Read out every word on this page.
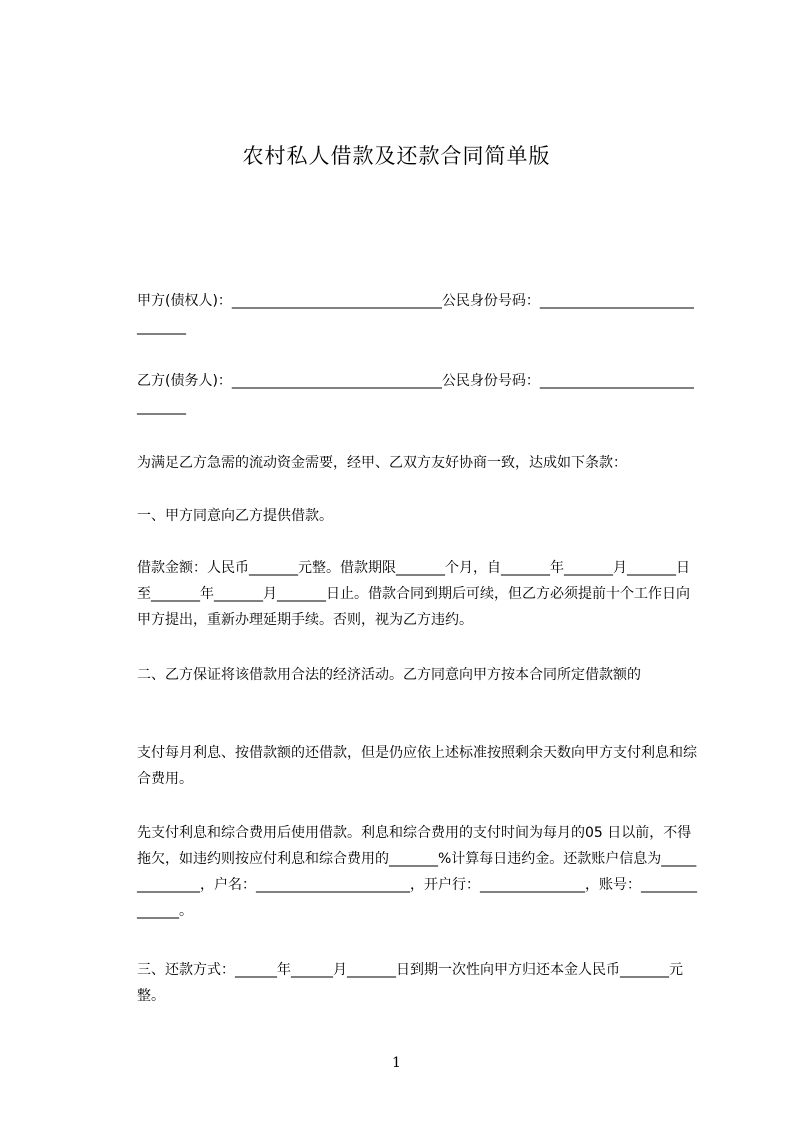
农村私人借款及还款合同简单版

甲方(债权人)：______________________________公民身份号码：_____________________________

乙方(债务人)：______________________________公民身份号码：_____________________________

为满足乙方急需的流动资金需要，经甲、乙双方友好协商一致，达成如下条款：

一、甲方同意向乙方提供借款。

借款金额：人民币_______元整。借款期限_______个月，自_______年_______月_______日至_______年_______月_______日止。借款合同到期后可续，但乙方必须提前十个工作日向甲方提出，重新办理延期手续。否则，视为乙方违约。

二、乙方保证将该借款用合法的经济活动。乙方同意向甲方按本合同所定借款额的

支付每月利息、按借款额的还借款，但是仍应依上述标准按照剩余天数向甲方支付利息和综合费用。

先支付利息和综合费用后使用借款。利息和综合费用的支付时间为每月的05 日以前，不得拖欠，如违约则按应付利息和综合费用的_______%计算每日违约金。还款账户信息为______________，户名：______________________，开户行：_______________，账号：______________。

三、还款方式：______年______月_______日到期一次性向甲方归还本金人民币_______元整。

1
